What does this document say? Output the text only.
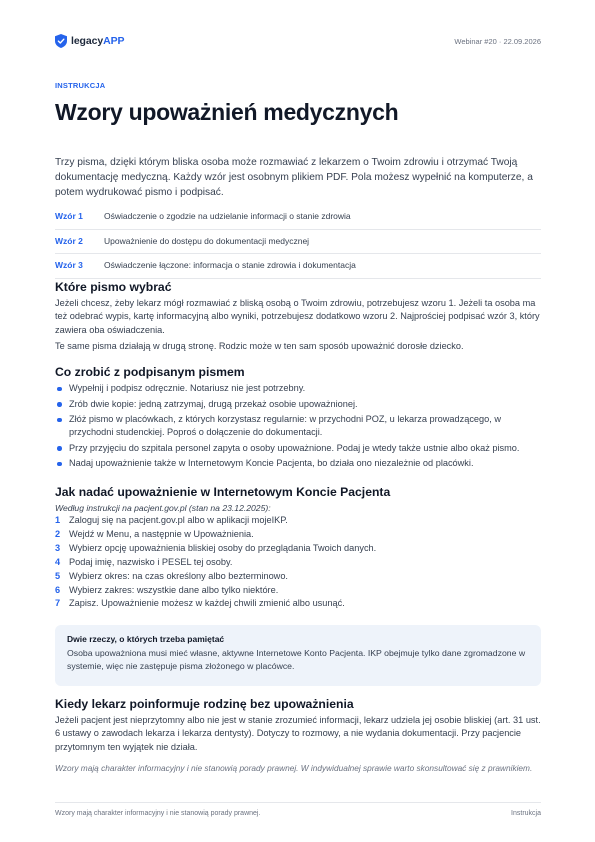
legacyAPP	Webinar #20 · 22.09.2026
INSTRUKCJA
Wzory upoważnień medycznych

Trzy pisma, dzięki którym bliska osoba może rozmawiać z lekarzem o Twoim zdrowiu i otrzymać Twoją dokumentację medyczną. Każdy wzór jest osobnym plikiem PDF. Pola możesz wypełnić na komputerze, a potem wydrukować pismo i podpisać.

Wzór 1 Oświadczenie o zgodzie na udzielanie informacji o stanie zdrowia
Wzór 2 Upoważnienie do dostępu do dokumentacji medycznej
Wzór 3 Oświadczenie łączone: informacja o stanie zdrowia i dokumentacja
Które pismo wybrać

Jeżeli chcesz, żeby lekarz mógł rozmawiać z bliską osobą o Twoim zdrowiu, potrzebujesz wzoru 1. Jeżeli ta osoba ma też odebrać wypis, kartę informacyjną albo wyniki, potrzebujesz dodatkowo wzoru 2. Najprościej podpisać wzór 3, który zawiera oba oświadczenia.

Te same pisma działają w drugą stronę. Rodzic może w ten sam sposób upoważnić dorosłe dziecko.

Co zrobić z podpisanym pismem
Wypełnij i podpisz odręcznie. Notariusz nie jest potrzebny.
Zrób dwie kopie: jedną zatrzymaj, drugą przekaż osobie upoważnionej.
Złóż pismo w placówkach, z których korzystasz regularnie: w przychodni POZ, u lekarza prowadzącego, w przychodni studenckiej. Poproś o dołączenie do dokumentacji.
Przy przyjęciu do szpitala personel zapyta o osoby upoważnione. Podaj je wtedy także ustnie albo okaż pismo.
Nadaj upoważnienie także w Internetowym Koncie Pacjenta, bo działa ono niezależnie od placówki.
Jak nadać upoważnienie w Internetowym Koncie Pacjenta

Według instrukcji na pacjent.gov.pl (stan na 23.12.2025):

1 Zaloguj się na pacjent.gov.pl albo w aplikacji mojeIKP.
2 Wejdź w Menu, a następnie w Upoważnienia.
3 Wybierz opcję upoważnienia bliskiej osoby do przeglądania Twoich danych.
4 Podaj imię, nazwisko i PESEL tej osoby.
5 Wybierz okres: na czas określony albo bezterminowo.
6 Wybierz zakres: wszystkie dane albo tylko niektóre.
7 Zapisz. Upoważnienie możesz w każdej chwili zmienić albo usunąć.

Dwie rzeczy, o których trzeba pamiętać

Osoba upoważniona musi mieć własne, aktywne Internetowe Konto Pacjenta. IKP obejmuje tylko dane zgromadzone w systemie, więc nie zastępuje pisma złożonego w placówce.

Kiedy lekarz poinformuje rodzinę bez upoważnienia

Jeżeli pacjent jest nieprzytomny albo nie jest w stanie zrozumieć informacji, lekarz udziela jej osobie bliskiej (art. 31 ust. 6 ustawy o zawodach lekarza i lekarza dentysty). Dotyczy to rozmowy, a nie wydania dokumentacji. Przy pacjencie przytomnym ten wyjątek nie działa.

Wzory mają charakter informacyjny i nie stanowią porady prawnej. W indywidualnej sprawie warto skonsultować się z prawnikiem.

Wzory mają charakter informacyjny i nie stanowią porady prawnej.	Instrukcja
